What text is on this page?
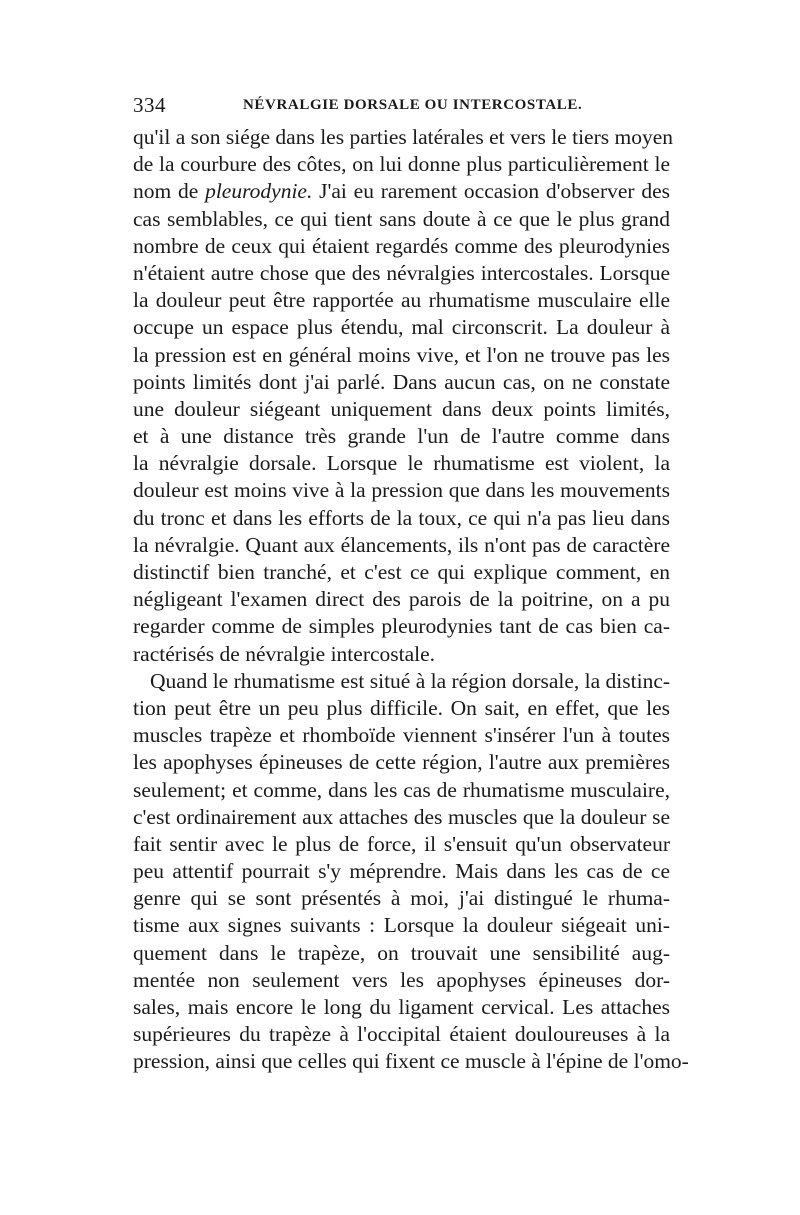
334	NÉVRALGIE DORSALE OU INTERCOSTALE.
qu'il a son siége dans les parties latérales et vers le tiers moyen
de la courbure des côtes, on lui donne plus particulièrement le
nom de pleurodynie. J'ai eu rarement occasion d'observer des
cas semblables, ce qui tient sans doute à ce que le plus grand
nombre de ceux qui étaient regardés comme des pleurodynies
n'étaient autre chose que des névralgies intercostales. Lorsque
la douleur peut être rapportée au rhumatisme musculaire elle
occupe un espace plus étendu, mal circonscrit. La douleur à
la pression est en général moins vive, et l'on ne trouve pas les
points limités dont j'ai parlé. Dans aucun cas, on ne constate
une douleur siégeant uniquement dans deux points limités,
et à une distance très grande l'un de l'autre comme dans
la névralgie dorsale. Lorsque le rhumatisme est violent, la
douleur est moins vive à la pression que dans les mouvements
du tronc et dans les efforts de la toux, ce qui n'a pas lieu dans
la névralgie. Quant aux élancements, ils n'ont pas de caractère
distinctif bien tranché, et c'est ce qui explique comment, en
négligeant l'examen direct des parois de la poitrine, on a pu
regarder comme de simples pleurodynies tant de cas bien ca-
ractérisés de névralgie intercostale.
Quand le rhumatisme est situé à la région dorsale, la distinc-
tion peut être un peu plus difficile. On sait, en effet, que les
muscles trapèze et rhomboïde viennent s'insérer l'un à toutes
les apophyses épineuses de cette région, l'autre aux premières
seulement; et comme, dans les cas de rhumatisme musculaire,
c'est ordinairement aux attaches des muscles que la douleur se
fait sentir avec le plus de force, il s'ensuit qu'un observateur
peu attentif pourrait s'y méprendre. Mais dans les cas de ce
genre qui se sont présentés à moi, j'ai distingué le rhuma-
tisme aux signes suivants : Lorsque la douleur siégeait uni-
quement dans le trapèze, on trouvait une sensibilité aug-
mentée non seulement vers les apophyses épineuses dor-
sales, mais encore le long du ligament cervical. Les attaches
supérieures du trapèze à l'occipital étaient douloureuses à la
pression, ainsi que celles qui fixent ce muscle à l'épine de l'omo-
